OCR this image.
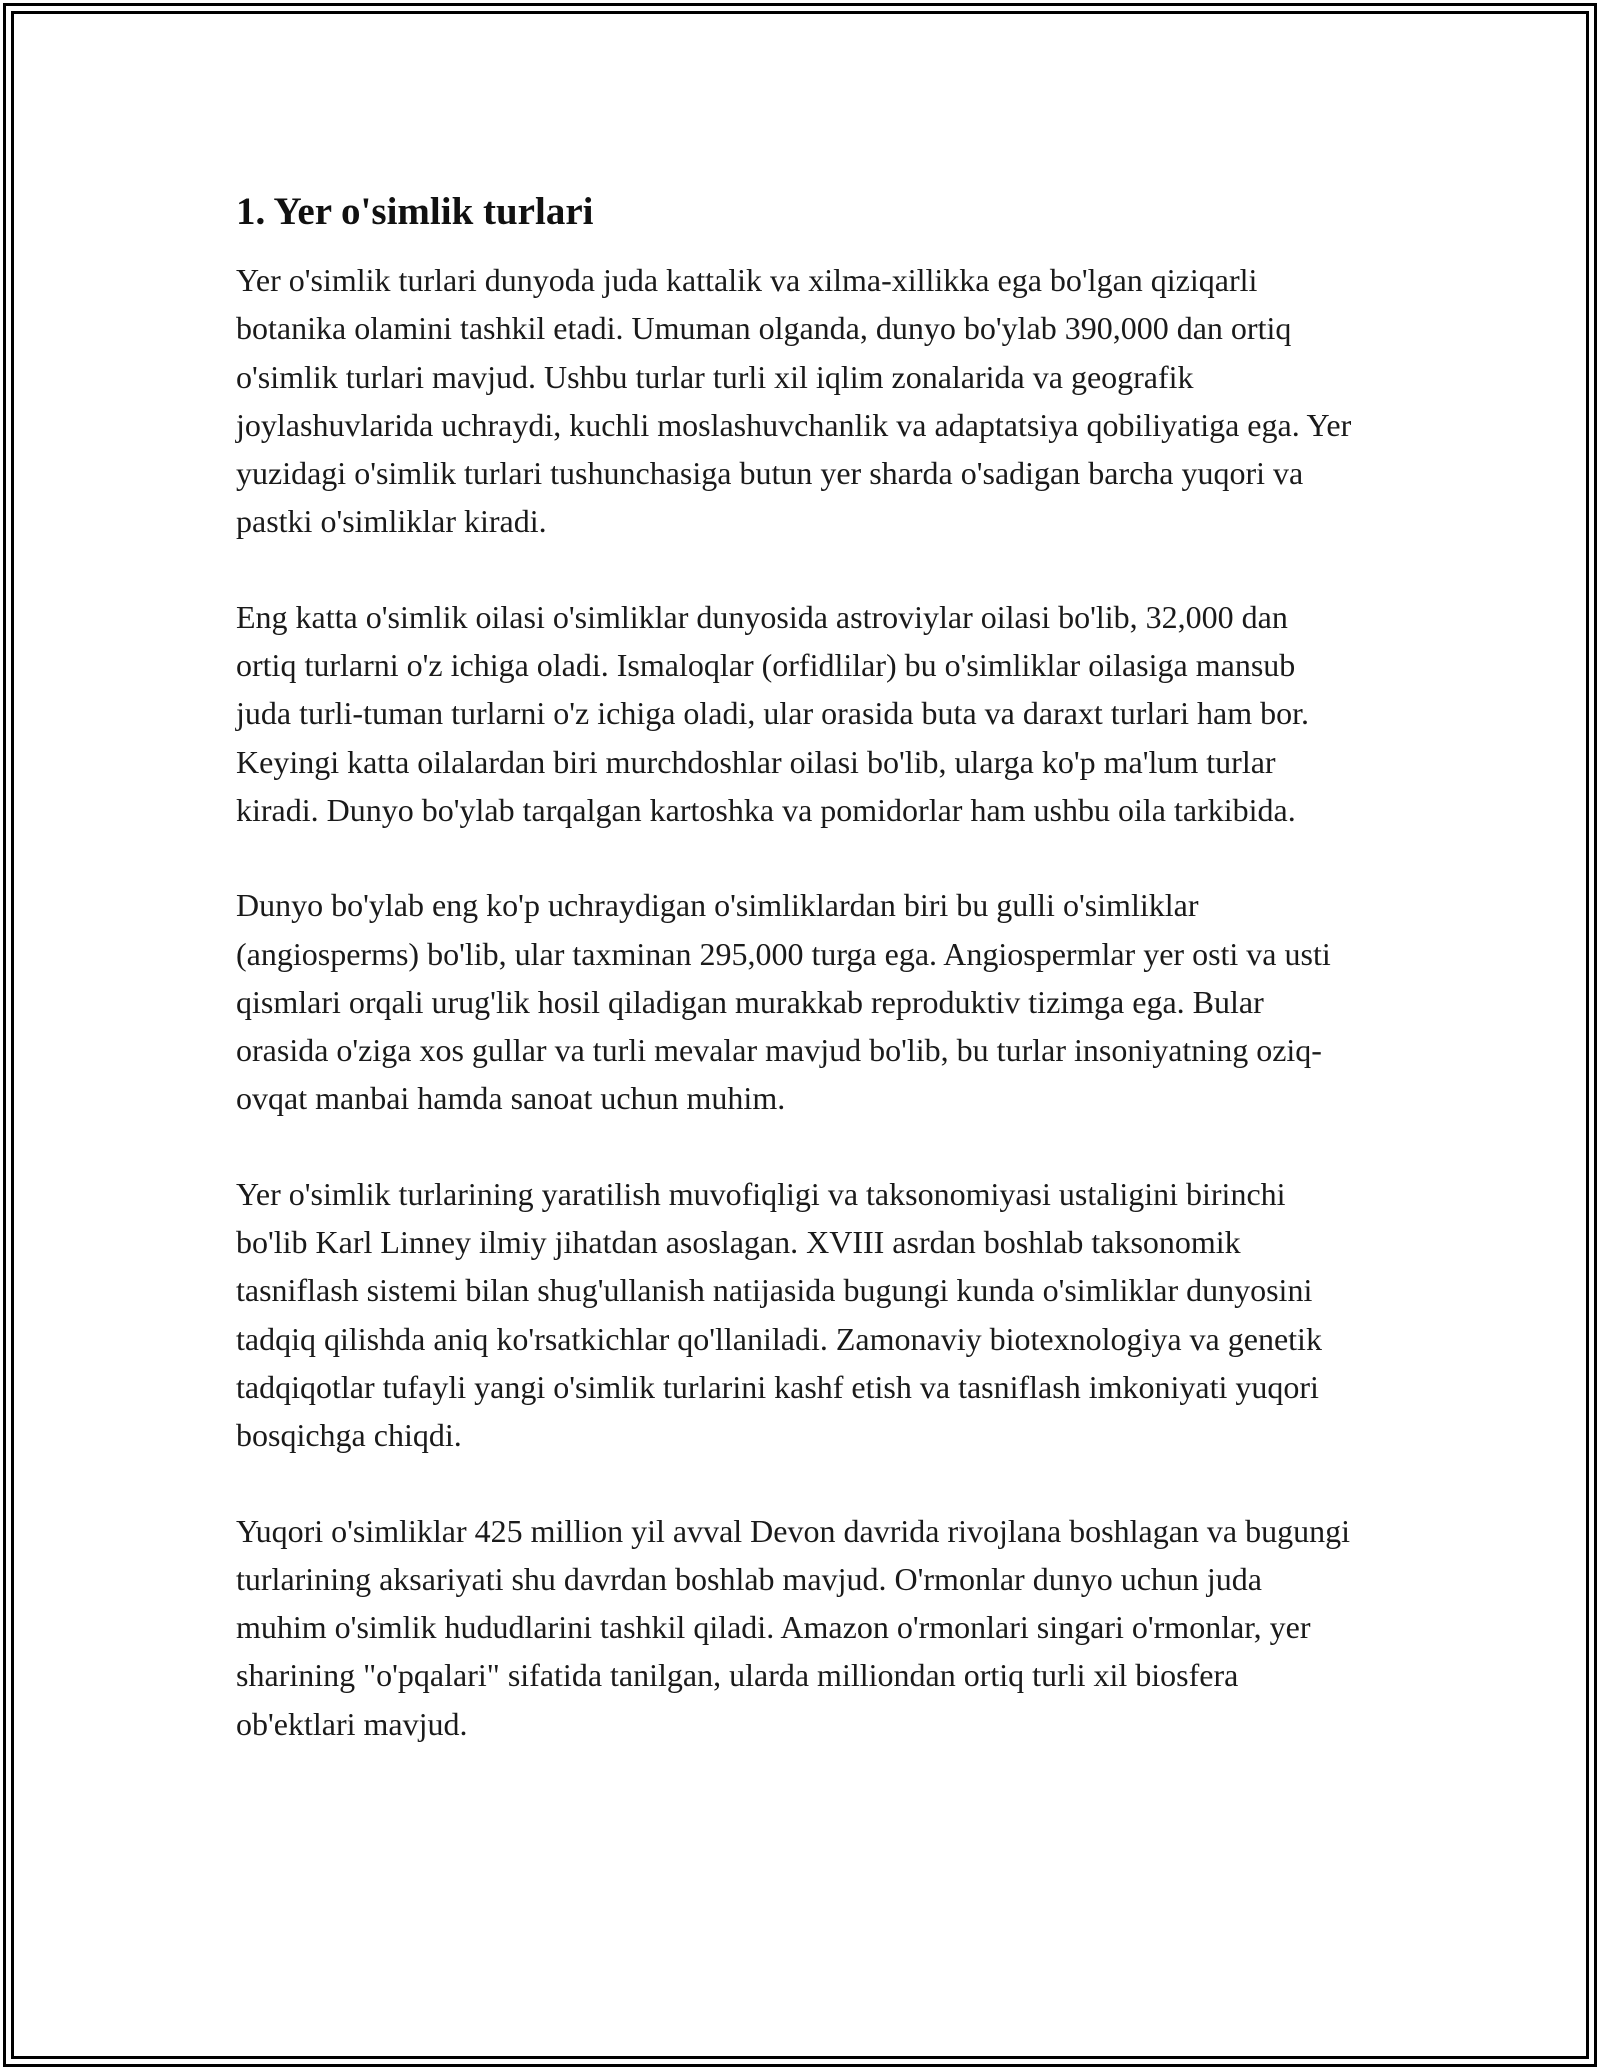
1. Yer o'simlik turlari

Yer o'simlik turlari dunyoda juda kattalik va xilma-xillikka ega bo'lgan qiziqarli botanika olamini tashkil etadi. Umuman olganda, dunyo bo'ylab 390,000 dan ortiq o'simlik turlari mavjud. Ushbu turlar turli xil iqlim zonalarida va geografik joylashuvlarida uchraydi, kuchli moslashuvchanlik va adaptatsiya qobiliyatiga ega. Yer yuzidagi o'simlik turlari tushunchasiga butun yer sharda o'sadigan barcha yuqori va pastki o'simliklar kiradi.

Eng katta o'simlik oilasi o'simliklar dunyosida astroviylar oilasi bo'lib, 32,000 dan ortiq turlarni o'z ichiga oladi. Ismaloqlar (orfidlilar) bu o'simliklar oilasiga mansub juda turli-tuman turlarni o'z ichiga oladi, ular orasida buta va daraxt turlari ham bor. Keyingi katta oilalardan biri murchdoshlar oilasi bo'lib, ularga ko'p ma'lum turlar kiradi. Dunyo bo'ylab tarqalgan kartoshka va pomidorlar ham ushbu oila tarkibida.

Dunyo bo'ylab eng ko'p uchraydigan o'simliklardan biri bu gulli o'simliklar (angiosperms) bo'lib, ular taxminan 295,000 turga ega. Angiospermlar yer osti va usti qismlari orqali urug'lik hosil qiladigan murakkab reproduktiv tizimga ega. Bular orasida o'ziga xos gullar va turli mevalar mavjud bo'lib, bu turlar insoniyatning oziq-ovqat manbai hamda sanoat uchun muhim.

Yer o'simlik turlarining yaratilish muvofiqligi va taksonomiyasi ustaligini birinchi bo'lib Karl Linney ilmiy jihatdan asoslagan. XVIII asrdan boshlab taksonomik tasniflash sistemi bilan shug'ullanish natijasida bugungi kunda o'simliklar dunyosini tadqiq qilishda aniq ko'rsatkichlar qo'llaniladi. Zamonaviy biotexnologiya va genetik tadqiqotlar tufayli yangi o'simlik turlarini kashf etish va tasniflash imkoniyati yuqori bosqichga chiqdi.

Yuqori o'simliklar 425 million yil avval Devon davrida rivojlana boshlagan va bugungi turlarining aksariyati shu davrdan boshlab mavjud. O'rmonlar dunyo uchun juda muhim o'simlik hududlarini tashkil qiladi. Amazon o'rmonlari singari o'rmonlar, yer sharining "o'pqalari" sifatida tanilgan, ularda milliondan ortiq turli xil biosfera ob'ektlari mavjud.
